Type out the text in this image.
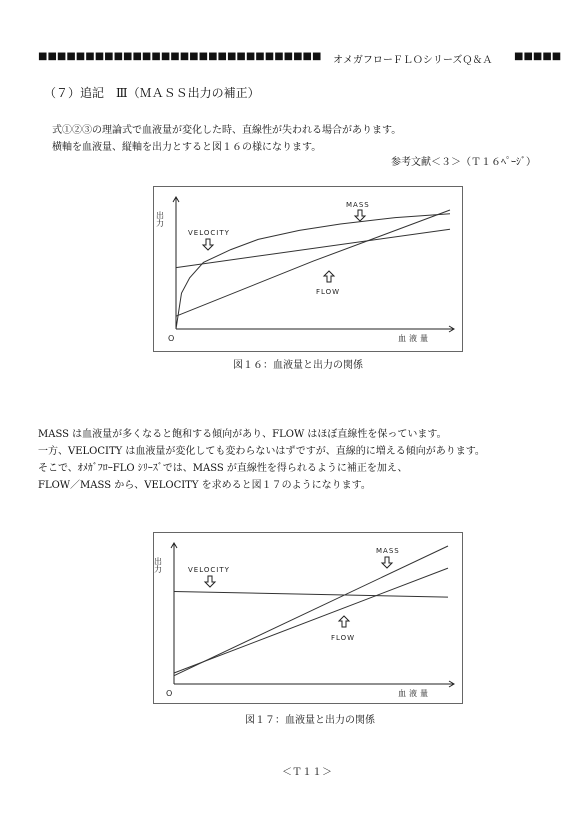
■■■■■■■■■■■■■■■■■■■■■■■■■■■■■■ オメガフローＦＬＯシリーズＱ＆Ａ ■■■■■
（７）追記　Ⅲ（ＭＡＳＳ出力の補正）
式①②③の理論式で血液量が変化した時、直線性が失われる場合があります。
横軸を血液量、縦軸を出力とすると図１６の様になります。
参考文献＜３＞（Ｔ１６ﾍﾟｰｼﾞ）
出力
血液量
O
MASS
VELOCITY
FLOW
図１６：血液量と出力の関係
MASS は血液量が多くなると飽和する傾向があり、FLOW はほぼ直線性を保っています。
一方、VELOCITY は血液量が変化しても変わらないはずですが、直線的に増える傾向があります。
そこで、ｵﾒｶﾞﾌﾛｰFLO ｼﾘｰｽﾞでは、MASS が直線性を得られるように補正を加え、
FLOW／MASS から、VELOCITY を求めると図１７のようになります。
出力
血液量
O
MASS
VELOCITY
FLOW
図１７：血液量と出力の関係
＜Ｔ１１＞
